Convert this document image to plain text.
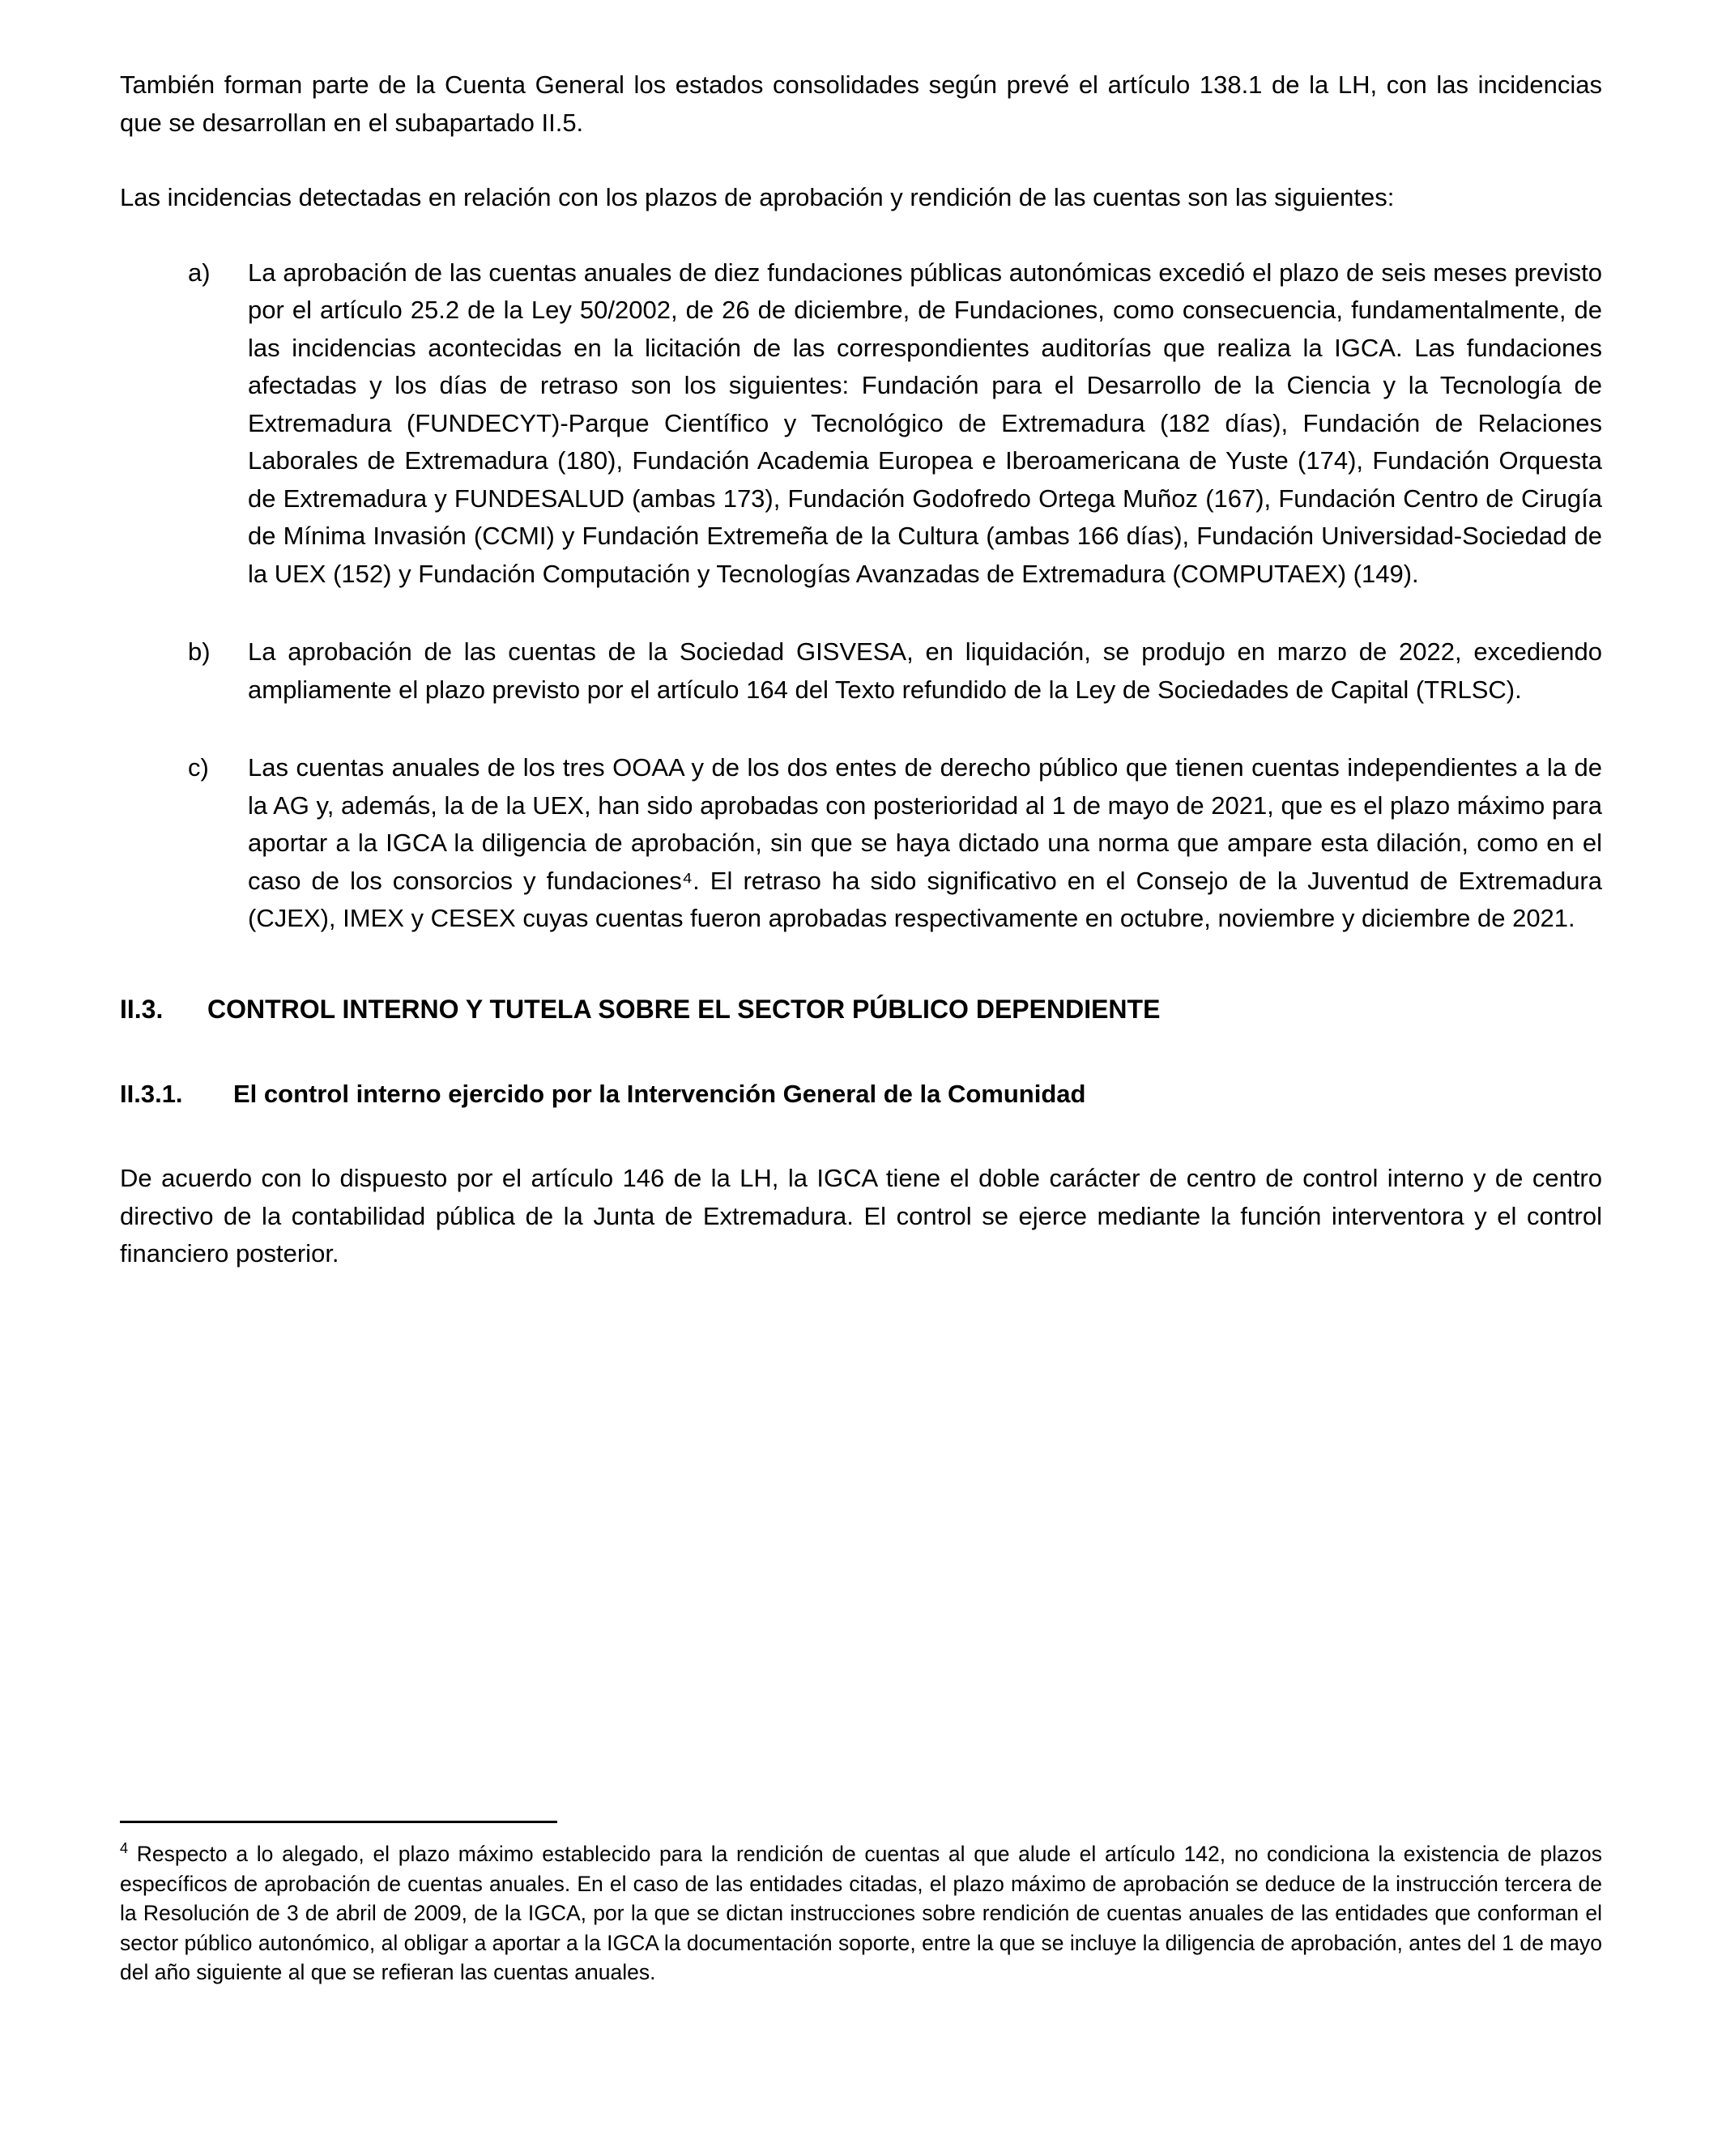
También forman parte de la Cuenta General los estados consolidades según prevé el artículo 138.1 de la LH, con las incidencias que se desarrollan en el subapartado II.5.

Las incidencias detectadas en relación con los plazos de aprobación y rendición de las cuentas son las siguientes:

a)	La aprobación de las cuentas anuales de diez fundaciones públicas autonómicas excedió el plazo de seis meses previsto por el artículo 25.2 de la Ley 50/2002, de 26 de diciembre, de Fundaciones, como consecuencia, fundamentalmente, de las incidencias acontecidas en la licitación de las correspondientes auditorías que realiza la IGCA. Las fundaciones afectadas y los días de retraso son los siguientes: Fundación para el Desarrollo de la Ciencia y la Tecnología de Extremadura (FUNDECYT)-Parque Científico y Tecnológico de Extremadura (182 días), Fundación de Relaciones Laborales de Extremadura (180), Fundación Academia Europea e Iberoamericana de Yuste (174), Fundación Orquesta de Extremadura y FUNDESALUD (ambas 173), Fundación Godofredo Ortega Muñoz (167), Fundación Centro de Cirugía de Mínima Invasión (CCMI) y Fundación Extremeña de la Cultura (ambas 166 días), Fundación Universidad-Sociedad de la UEX (152) y Fundación Computación y Tecnologías Avanzadas de Extremadura (COMPUTAEX) (149).
b)	La aprobación de las cuentas de la Sociedad GISVESA, en liquidación, se produjo en marzo de 2022, excediendo ampliamente el plazo previsto por el artículo 164 del Texto refundido de la Ley de Sociedades de Capital (TRLSC).
c)	Las cuentas anuales de los tres OOAA y de los dos entes de derecho público que tienen cuentas independientes a la de la AG y, además, la de la UEX, han sido aprobadas con posterioridad al 1 de mayo de 2021, que es el plazo máximo para aportar a la IGCA la diligencia de aprobación, sin que se haya dictado una norma que ampare esta dilación, como en el caso de los consorcios y fundaciones⁴. El retraso ha sido significativo en el Consejo de la Juventud de Extremadura (CJEX), IMEX y CESEX cuyas cuentas fueron aprobadas respectivamente en octubre, noviembre y diciembre de 2021.
II.3.	CONTROL INTERNO Y TUTELA SOBRE EL SECTOR PÚBLICO DEPENDIENTE
II.3.1.	El control interno ejercido por la Intervención General de la Comunidad

De acuerdo con lo dispuesto por el artículo 146 de la LH, la IGCA tiene el doble carácter de centro de control interno y de centro directivo de la contabilidad pública de la Junta de Extremadura. El control se ejerce mediante la función interventora y el control financiero posterior.

$^4$ Respecto a lo alegado, el plazo máximo establecido para la rendición de cuentas al que alude el artículo 142, no condiciona la existencia de plazos específicos de aprobación de cuentas anuales. En el caso de las entidades citadas, el plazo máximo de aprobación se deduce de la instrucción tercera de la Resolución de 3 de abril de 2009, de la IGCA, por la que se dictan instrucciones sobre rendición de cuentas anuales de las entidades que conforman el sector público autonómico, al obligar a aportar a la IGCA la documentación soporte, entre la que se incluye la diligencia de aprobación, antes del 1 de mayo del año siguiente al que se refieran las cuentas anuales.
